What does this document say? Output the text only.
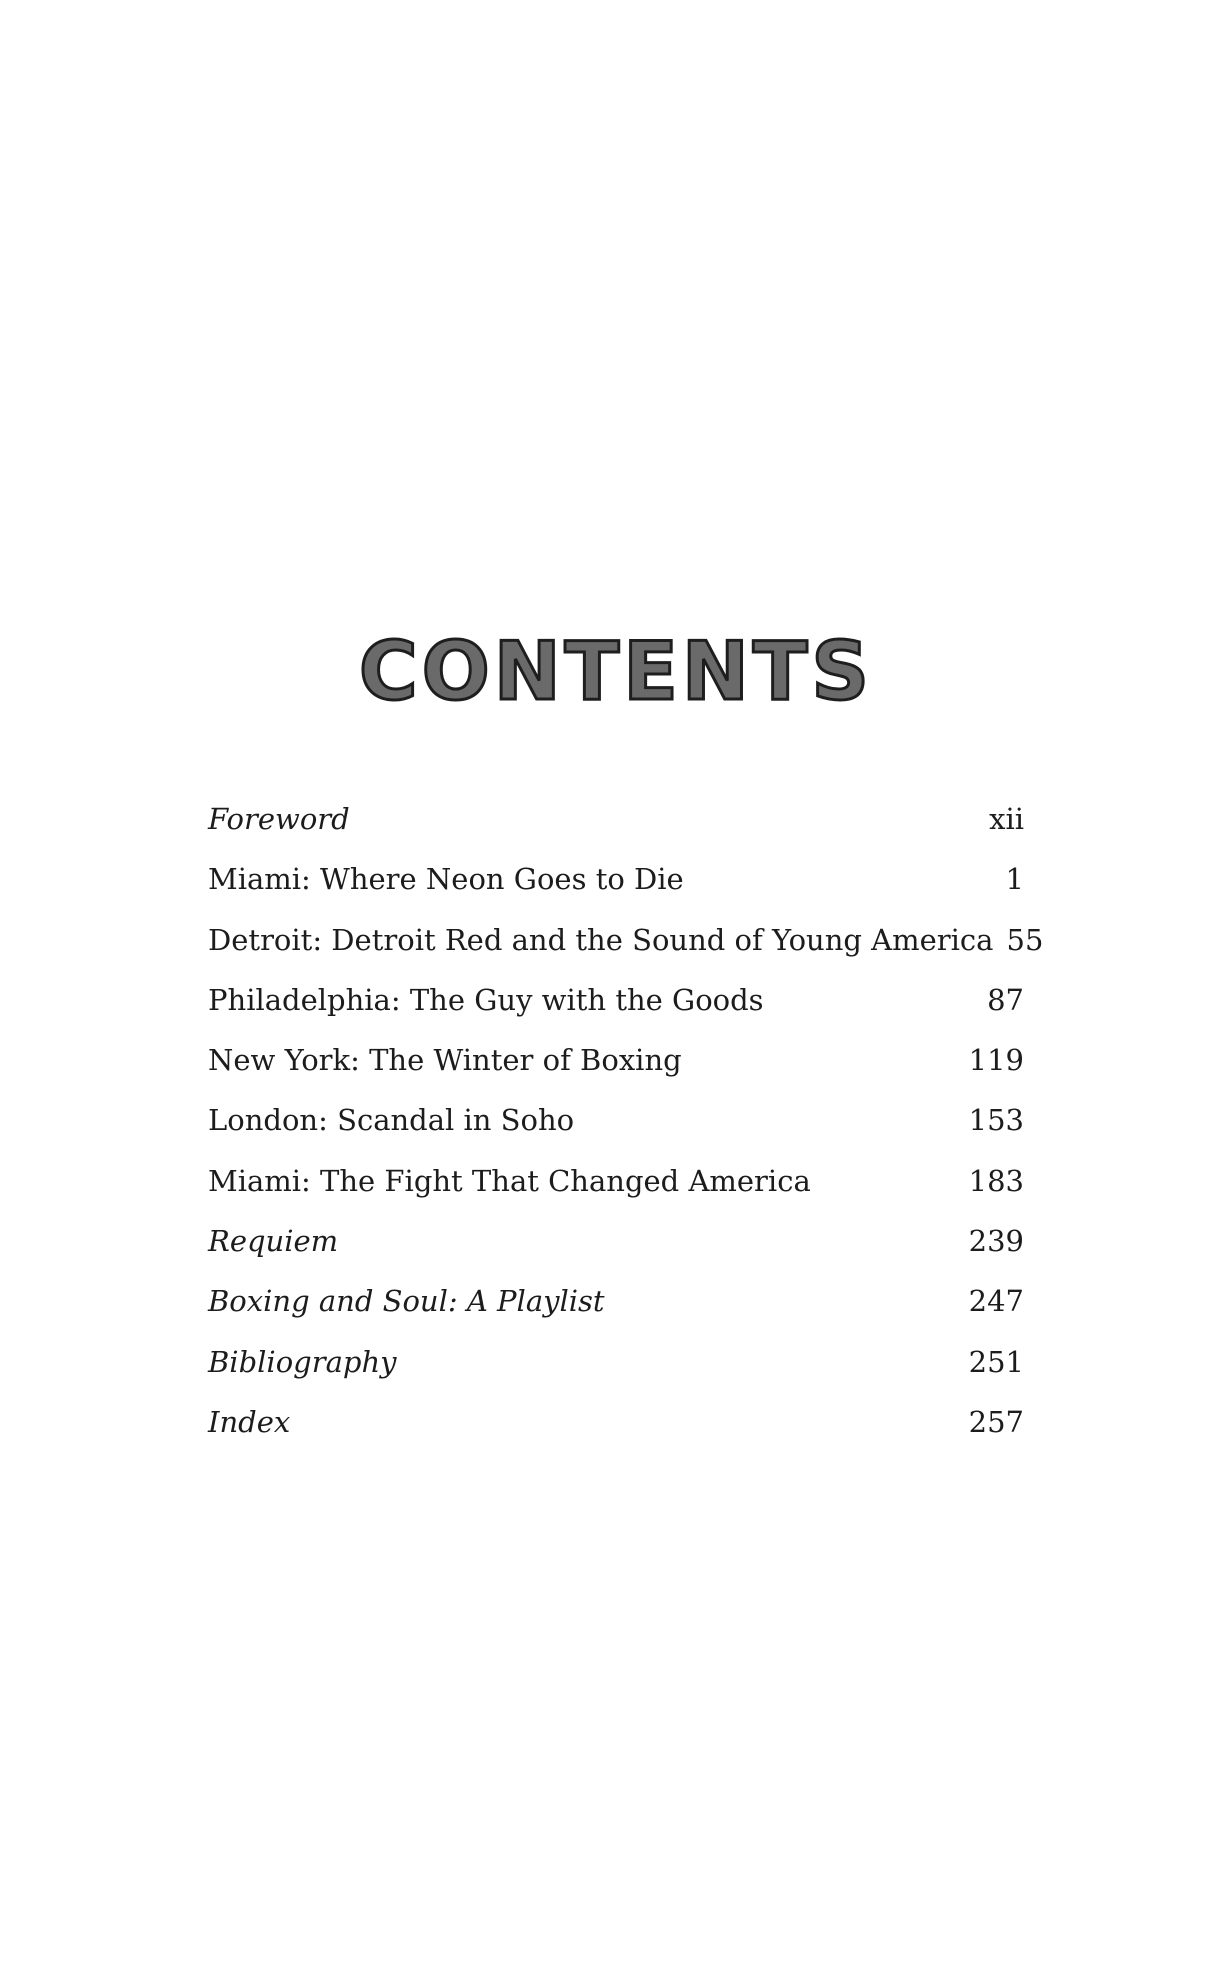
CONTENTS
Foreword	xii
Miami: Where Neon Goes to Die	1
Detroit: Detroit Red and the Sound of Young America 55
Philadelphia: The Guy with the Goods	87
New York: The Winter of Boxing	119
London: Scandal in Soho	153
Miami: The Fight That Changed America	183
Requiem	239
Boxing and Soul: A Playlist	247
Bibliography	251
Index	257
